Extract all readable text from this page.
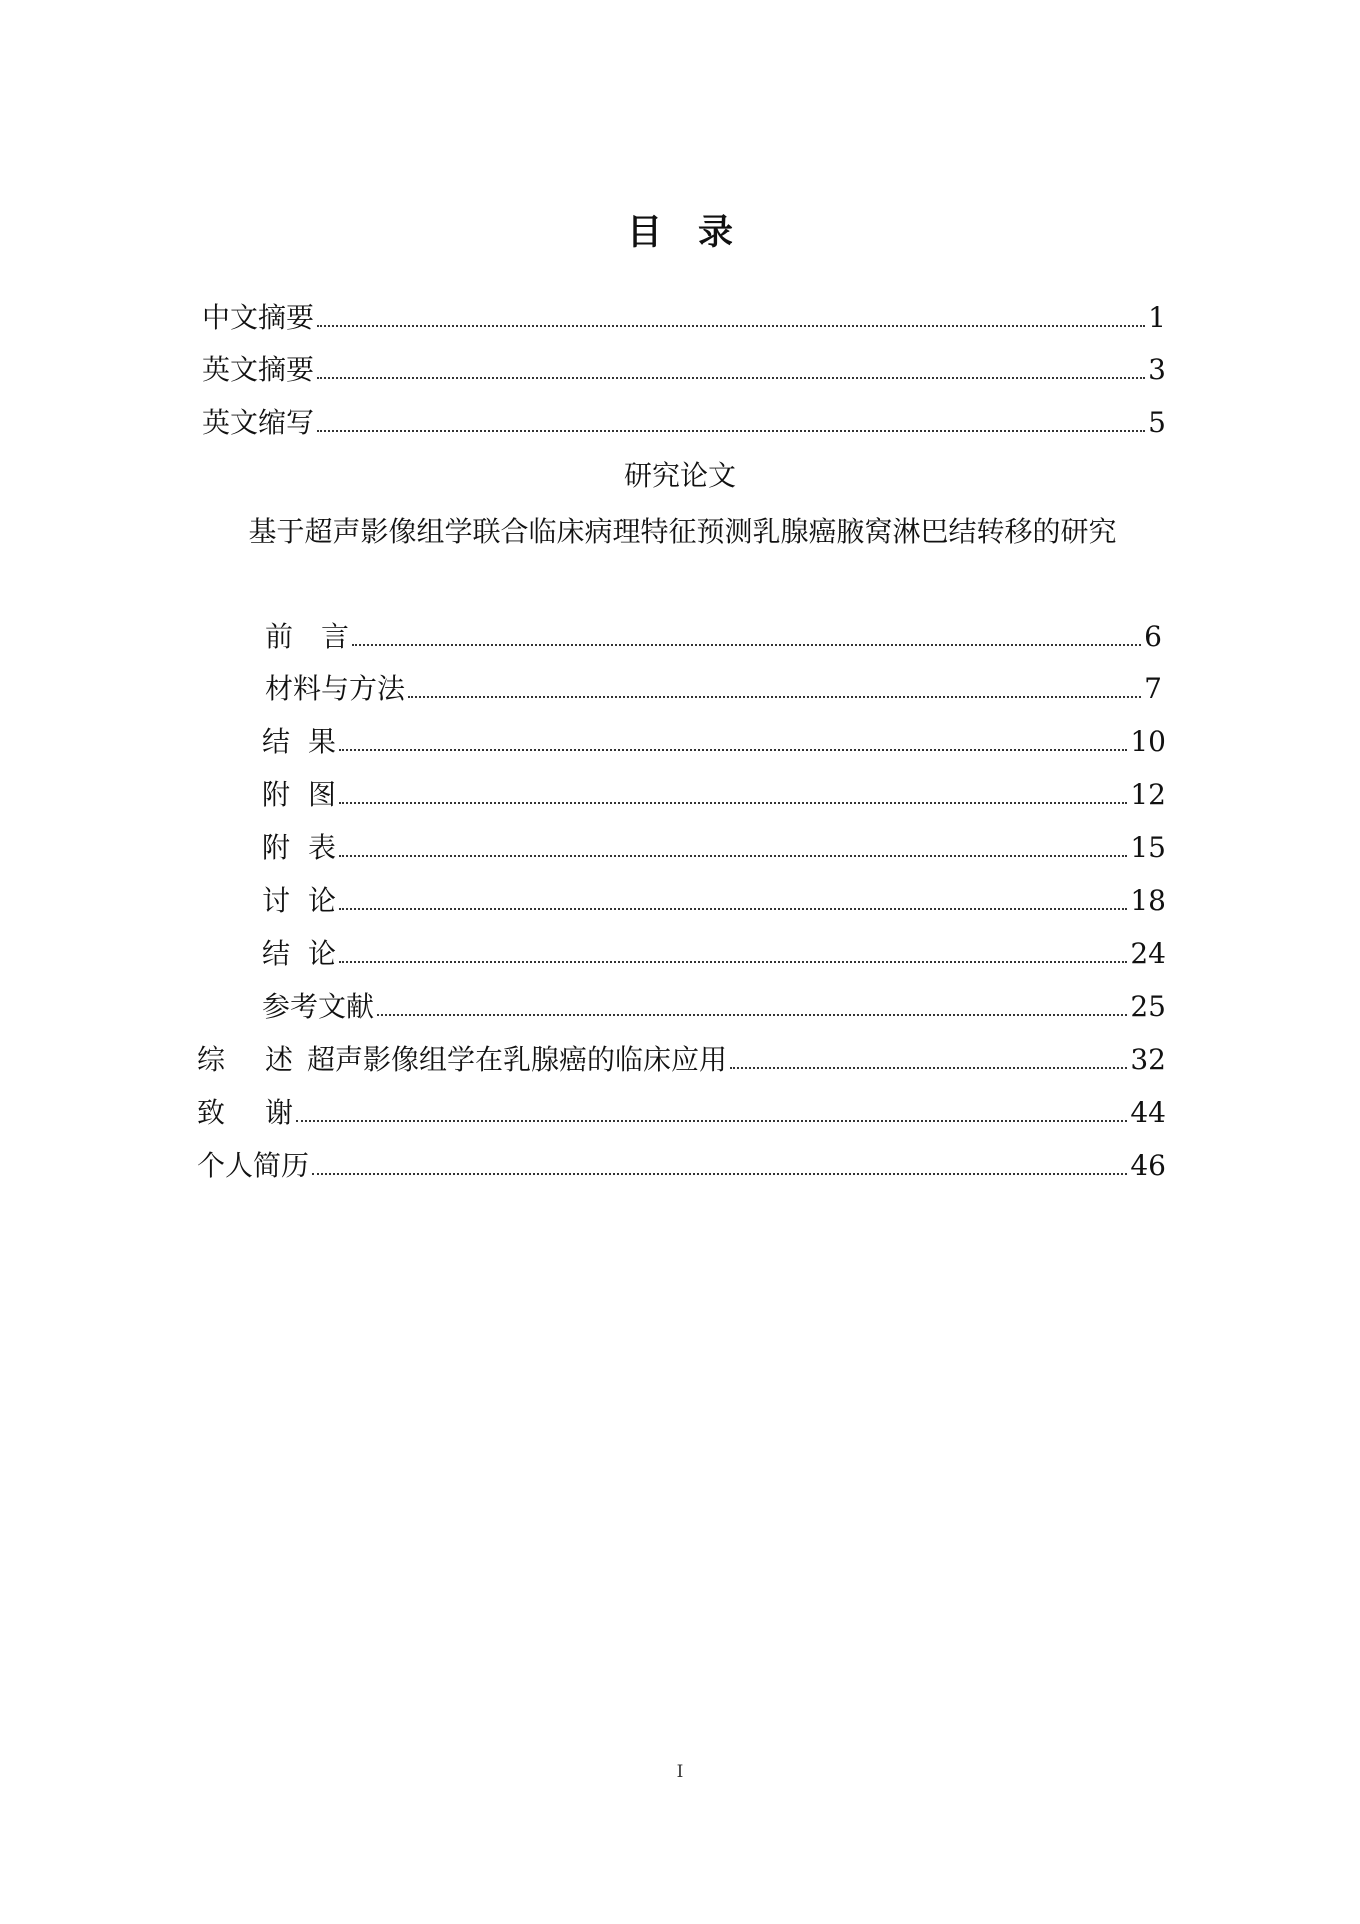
目 录
中文摘要	1
英文摘要	3
英文缩写	5
研究论文
基于超声影像组学联合临床病理特征预测乳腺癌腋窝淋巴结转移的研究
前 言	6
材料与方法	7
结 果	10
附 图	12
附 表	15
讨 论	18
结 论	24
参考文献	25
综 述 超声影像组学在乳腺癌的临床应用	32
致 谢	44
个人简历	46
I
